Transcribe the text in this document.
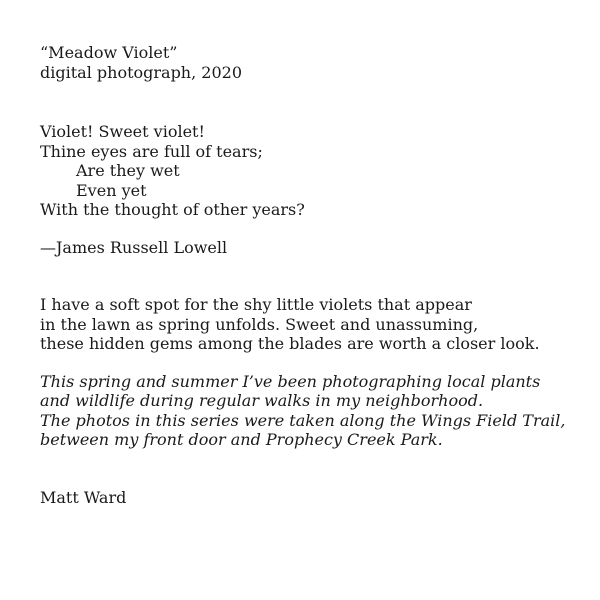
“Meadow Violet”
digital photograph, 2020
Violet! Sweet violet!
Thine eyes are full of tears;
Are they wet
Even yet
With the thought of other years?
—James Russell Lowell
I have a soft spot for the shy little violets that appear
in the lawn as spring unfolds. Sweet and unassuming,
these hidden gems among the blades are worth a closer look.
This spring and summer I’ve been photographing local plants
and wildlife during regular walks in my neighborhood.
The photos in this series were taken along the Wings Field Trail,
between my front door and Prophecy Creek Park.
Matt Ward
